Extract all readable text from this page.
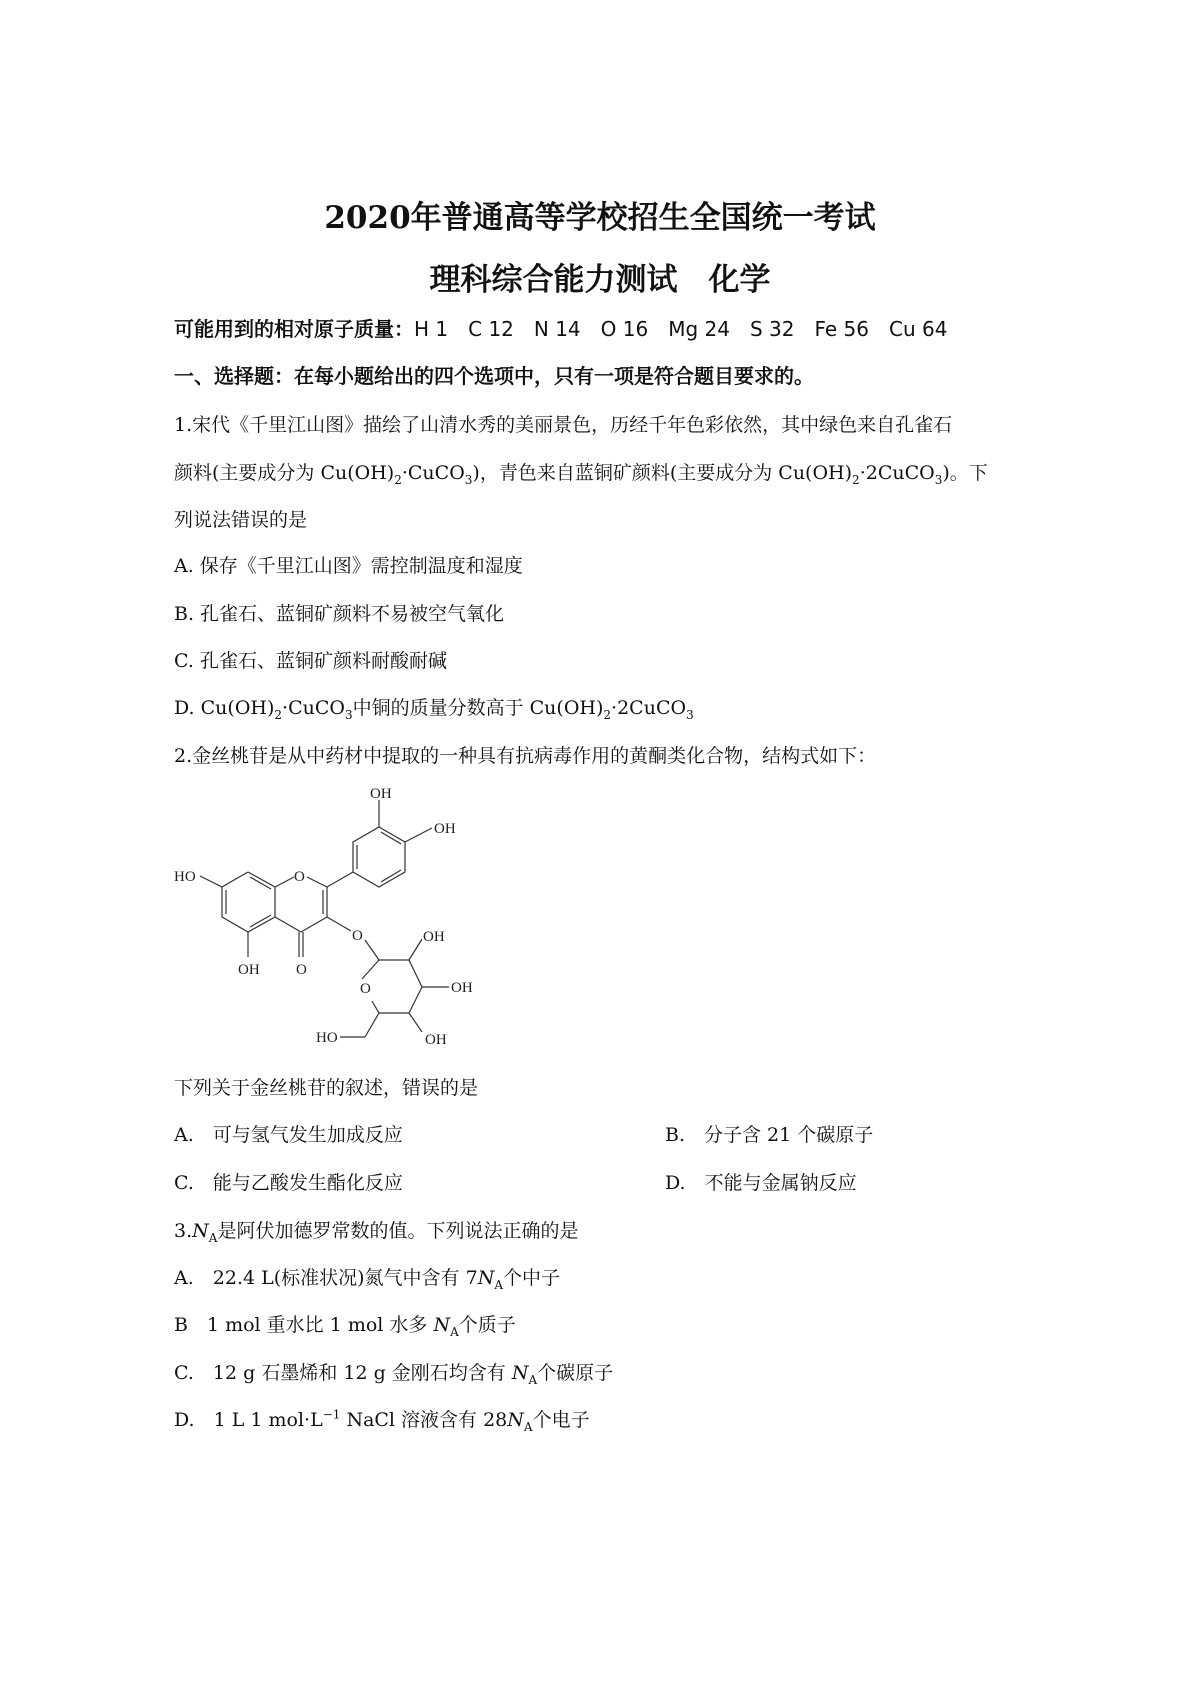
2020年普通高等学校招生全国统一考试
理科综合能力测试　化学
可能用到的相对原子质量：H 1　C 12　N 14　O 16　Mg 24　S 32　Fe 56　Cu 64
一、选择题：在每小题给出的四个选项中，只有一项是符合题目要求的。
1.宋代《千里江山图》描绘了山清水秀的美丽景色，历经千年色彩依然，其中绿色来自孔雀石
颜料(主要成分为 $Cu(OH)_2\cdot CuCO_3$)，青色来自蓝铜矿颜料(主要成分为 $Cu(OH)_2\cdot 2CuCO_3$)。下
列说法错误的是
A. 保存《千里江山图》需控制温度和湿度
B. 孔雀石、蓝铜矿颜料不易被空气氧化
C. 孔雀石、蓝铜矿颜料耐酸耐碱
D. $Cu(OH)_2\cdot CuCO_3$中铜的质量分数高于 $Cu(OH)_2\cdot 2CuCO_3$
2.金丝桃苷是从中药材中提取的一种具有抗病毒作用的黄酮类化合物，结构式如下：
HO	O
OH O
OH
OH
O	OH
OH
O
OH
HO
下列关于金丝桃苷的叙述，错误的是
A.　可与氢气发生加成反应	B.　分子含 21 个碳原子
C.　能与乙酸发生酯化反应	D.　不能与金属钠反应
$3.N_A$是阿伏加德罗常数的值。下列说法正确的是
A.　22.4 L(标准状况)氮气中含有 $7N_A$个中子
B　1 mol 重水比 1 mol 水多 $N_A$个质子
C.　12 g 石墨烯和 12 g 金刚石均含有 $N_A$个碳原子
D.　1 L 1 $mol\cdot L^{-1}$ NaCl 溶液含有 $28N_A$个电子
